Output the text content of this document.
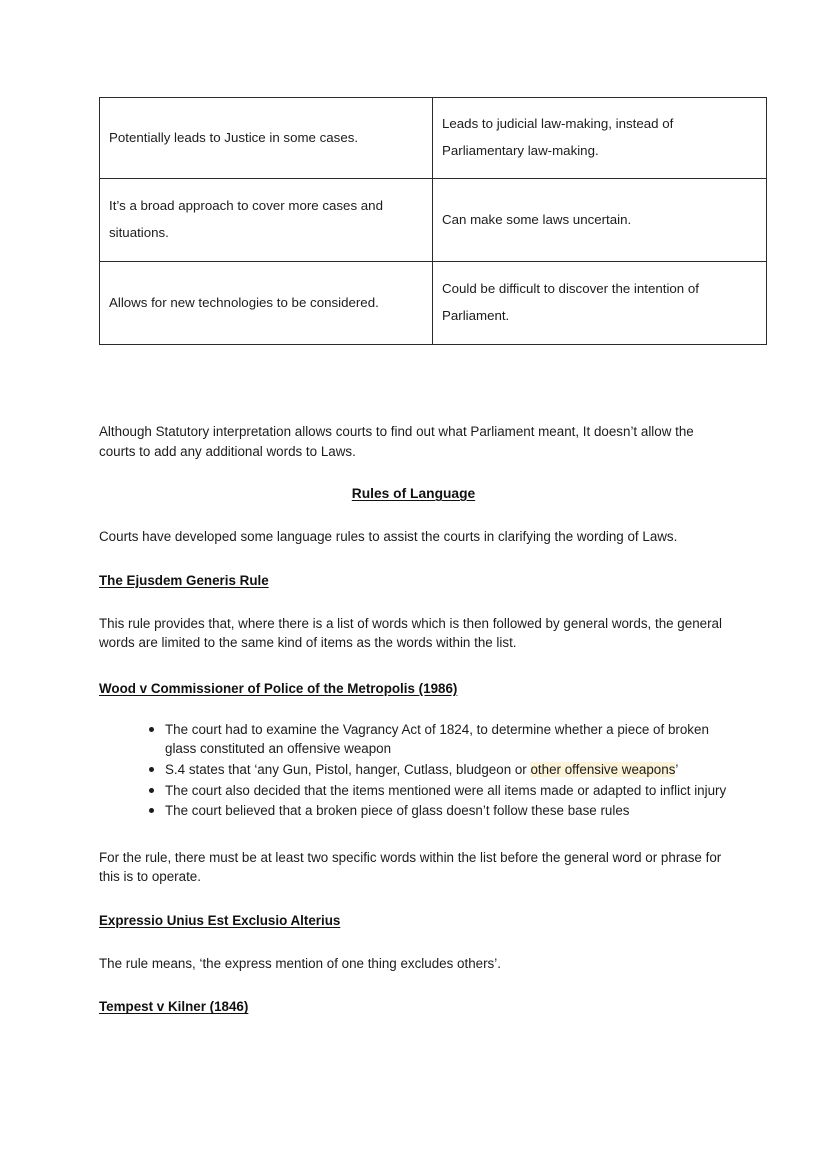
Potentially leads to Justice in some cases.	Leads to judicial law-making, instead of Parliamentary law-making.
It’s a broad approach to cover more cases and situations.	Can make some laws uncertain.
Allows for new technologies to be considered.	Could be difficult to discover the intention of Parliament.

Although Statutory interpretation allows courts to find out what Parliament meant, It doesn’t allow the courts to add any additional words to Laws.

Rules of Language

Courts have developed some language rules to assist the courts in clarifying the wording of Laws.

The Ejusdem Generis Rule

This rule provides that, where there is a list of words which is then followed by general words, the general words are limited to the same kind of items as the words within the list.

Wood v Commissioner of Police of the Metropolis (1986)
The court had to examine the Vagrancy Act of 1824, to determine whether a piece of broken glass constituted an offensive weapon
S.4 states that ‘any Gun, Pistol, hanger, Cutlass, bludgeon or other offensive weapons’
The court also decided that the items mentioned were all items made or adapted to inflict injury
The court believed that a broken piece of glass doesn’t follow these base rules

For the rule, there must be at least two specific words within the list before the general word or phrase for this is to operate.

Expressio Unius Est Exclusio Alterius

The rule means, ‘the express mention of one thing excludes others’.

Tempest v Kilner (1846)
